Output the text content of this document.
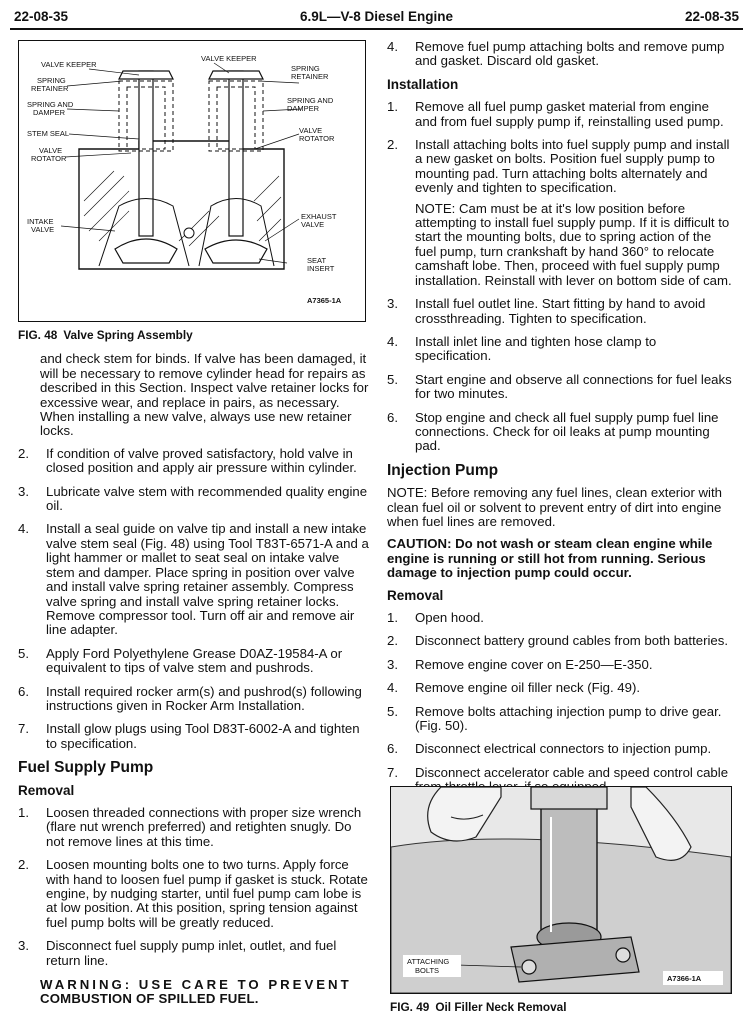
22-08-35	6.9L—V-8 Diesel Engine	22-08-35
VALVE KEEPER
SPRING
RETAINER
SPRING AND
DAMPER
STEM SEAL
VALVE
ROTATOR
INTAKE
VALVE
VALVE KEEPER
SPRING
RETAINER
SPRING AND
DAMPER
VALVE
ROTATOR
EXHAUST
VALVE
SEAT
INSERT
A7365-1A
FIG. 48 Valve Spring Assembly
and check stem for binds. If valve has been damaged, it will be necessary to remove cylinder head for repairs as described in this Section. Inspect valve retainer locks for excessive wear, and replace in pairs, as necessary. When installing a new valve, always use new retainer locks.
2. If condition of valve proved satisfactory, hold valve in closed position and apply air pressure within cylinder.
3. Lubricate valve stem with recommended quality engine oil.
4. Install a seal guide on valve tip and install a new intake valve stem seal (Fig. 48) using Tool T83T-6571-A and a light hammer or mallet to seat seal on intake valve stem and damper. Place spring in position over valve and install valve spring retainer assembly. Compress valve spring and install valve spring retainer locks. Remove compressor tool. Turn off air and remove air line adapter.
5. Apply Ford Polyethylene Grease D0AZ-19584-A or equivalent to tips of valve stem and pushrods.
6. Install required rocker arm(s) and pushrod(s) following instructions given in Rocker Arm Installation.
7. Install glow plugs using Tool D83T-6002-A and tighten to specification.
Fuel Supply Pump
Removal
1. Loosen threaded connections with proper size wrench (flare nut wrench preferred) and retighten snugly. Do not remove lines at this time.
2. Loosen mounting bolts one to two turns. Apply force with hand to loosen fuel pump if gasket is stuck. Rotate engine, by nudging starter, until fuel pump cam lobe is at low position. At this position, spring tension against fuel pump bolts will be greatly reduced.
3. Disconnect fuel supply pump inlet, outlet, and fuel return line.
WARNING: USE CARE TO PREVENT
COMBUSTION OF SPILLED FUEL.
4. Remove fuel pump attaching bolts and remove pump and gasket. Discard old gasket.
Installation
1. Remove all fuel pump gasket material from engine and from fuel supply pump if, reinstalling used pump.
2. Install attaching bolts into fuel supply pump and install a new gasket on bolts. Position fuel supply pump to mounting pad. Turn attaching bolts alternately and evenly and tighten to specification.
NOTE: Cam must be at it's low position before attempting to install fuel supply pump. If it is difficult to start the mounting bolts, due to spring action of the fuel pump, turn crankshaft by hand 360° to relocate camshaft lobe. Then, proceed with fuel supply pump installation. Reinstall with lever on bottom side of cam.
3. Install fuel outlet line. Start fitting by hand to avoid crossthreading. Tighten to specification.
4. Install inlet line and tighten hose clamp to specification.
5. Start engine and observe all connections for fuel leaks for two minutes.
6. Stop engine and check all fuel supply pump fuel line connections. Check for oil leaks at pump mounting pad.
Injection Pump
NOTE: Before removing any fuel lines, clean exterior with clean fuel oil or solvent to prevent entry of dirt into engine when fuel lines are removed.
CAUTION: Do not wash or steam clean engine while engine is running or still hot from running. Serious damage to injection pump could occur.
Removal
1. Open hood.
2. Disconnect battery ground cables from both batteries.
3. Remove engine cover on E-250—E-350.
4. Remove engine oil filler neck (Fig. 49).
5. Remove bolts attaching injection pump to drive gear. (Fig. 50).
6. Disconnect electrical connectors to injection pump.
7. Disconnect accelerator cable and speed control cable
ATTACHING
BOLTS
A7366-1A
FIG. 49 Oil Filler Neck Removal
